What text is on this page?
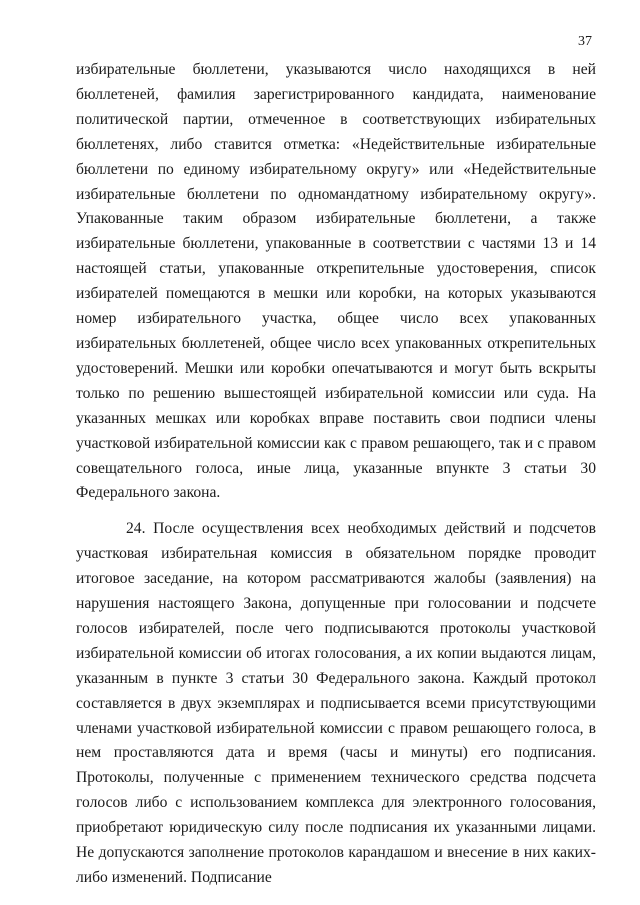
37

избирательные бюллетени, указываются число находящихся в ней бюллетеней, фамилия зарегистрированного кандидата, наименование политической партии, отмеченное в соответствующих избирательных бюллетенях, либо ставится отметка: «Недействительные избирательные бюллетени по единому избирательному округу» или «Недействительные избирательные бюллетени по одномандатному избирательному округу». Упакованные таким образом избирательные бюллетени, а также избирательные бюллетени, упакованные в соответствии с частями 13 и 14 настоящей статьи, упакованные открепительные удостоверения, список избирателей помещаются в мешки или коробки, на которых указываются номер избирательного участка, общее число всех упакованных избирательных бюллетеней, общее число всех упакованных открепительных удостоверений. Мешки или коробки опечатываются и могут быть вскрыты только по решению вышестоящей избирательной комиссии или суда. На указанных мешках или коробках вправе поставить свои подписи члены участковой избирательной комиссии как с правом решающего, так и с правом совещательного голоса, иные лица, указанные впункте 3 статьи 30 Федерального закона.

24. После осуществления всех необходимых действий и подсчетов участковая избирательная комиссия в обязательном порядке проводит итоговое заседание, на котором рассматриваются жалобы (заявления) на нарушения настоящего Закона, допущенные при голосовании и подсчете голосов избирателей, после чего подписываются протоколы участковой избирательной комиссии об итогах голосования, а их копии выдаются лицам, указанным в пункте 3 статьи 30 Федерального закона. Каждый протокол составляется в двух экземплярах и подписывается всеми присутствующими членами участковой избирательной комиссии с правом решающего голоса, в нем проставляются дата и время (часы и минуты) его подписания. Протоколы, полученные с применением технического средства подсчета голосов либо с использованием комплекса для электронного голосования, приобретают юридическую силу после подписания их указанными лицами. Не допускаются заполнение протоколов карандашом и внесение в них каких-либо изменений. Подписание
